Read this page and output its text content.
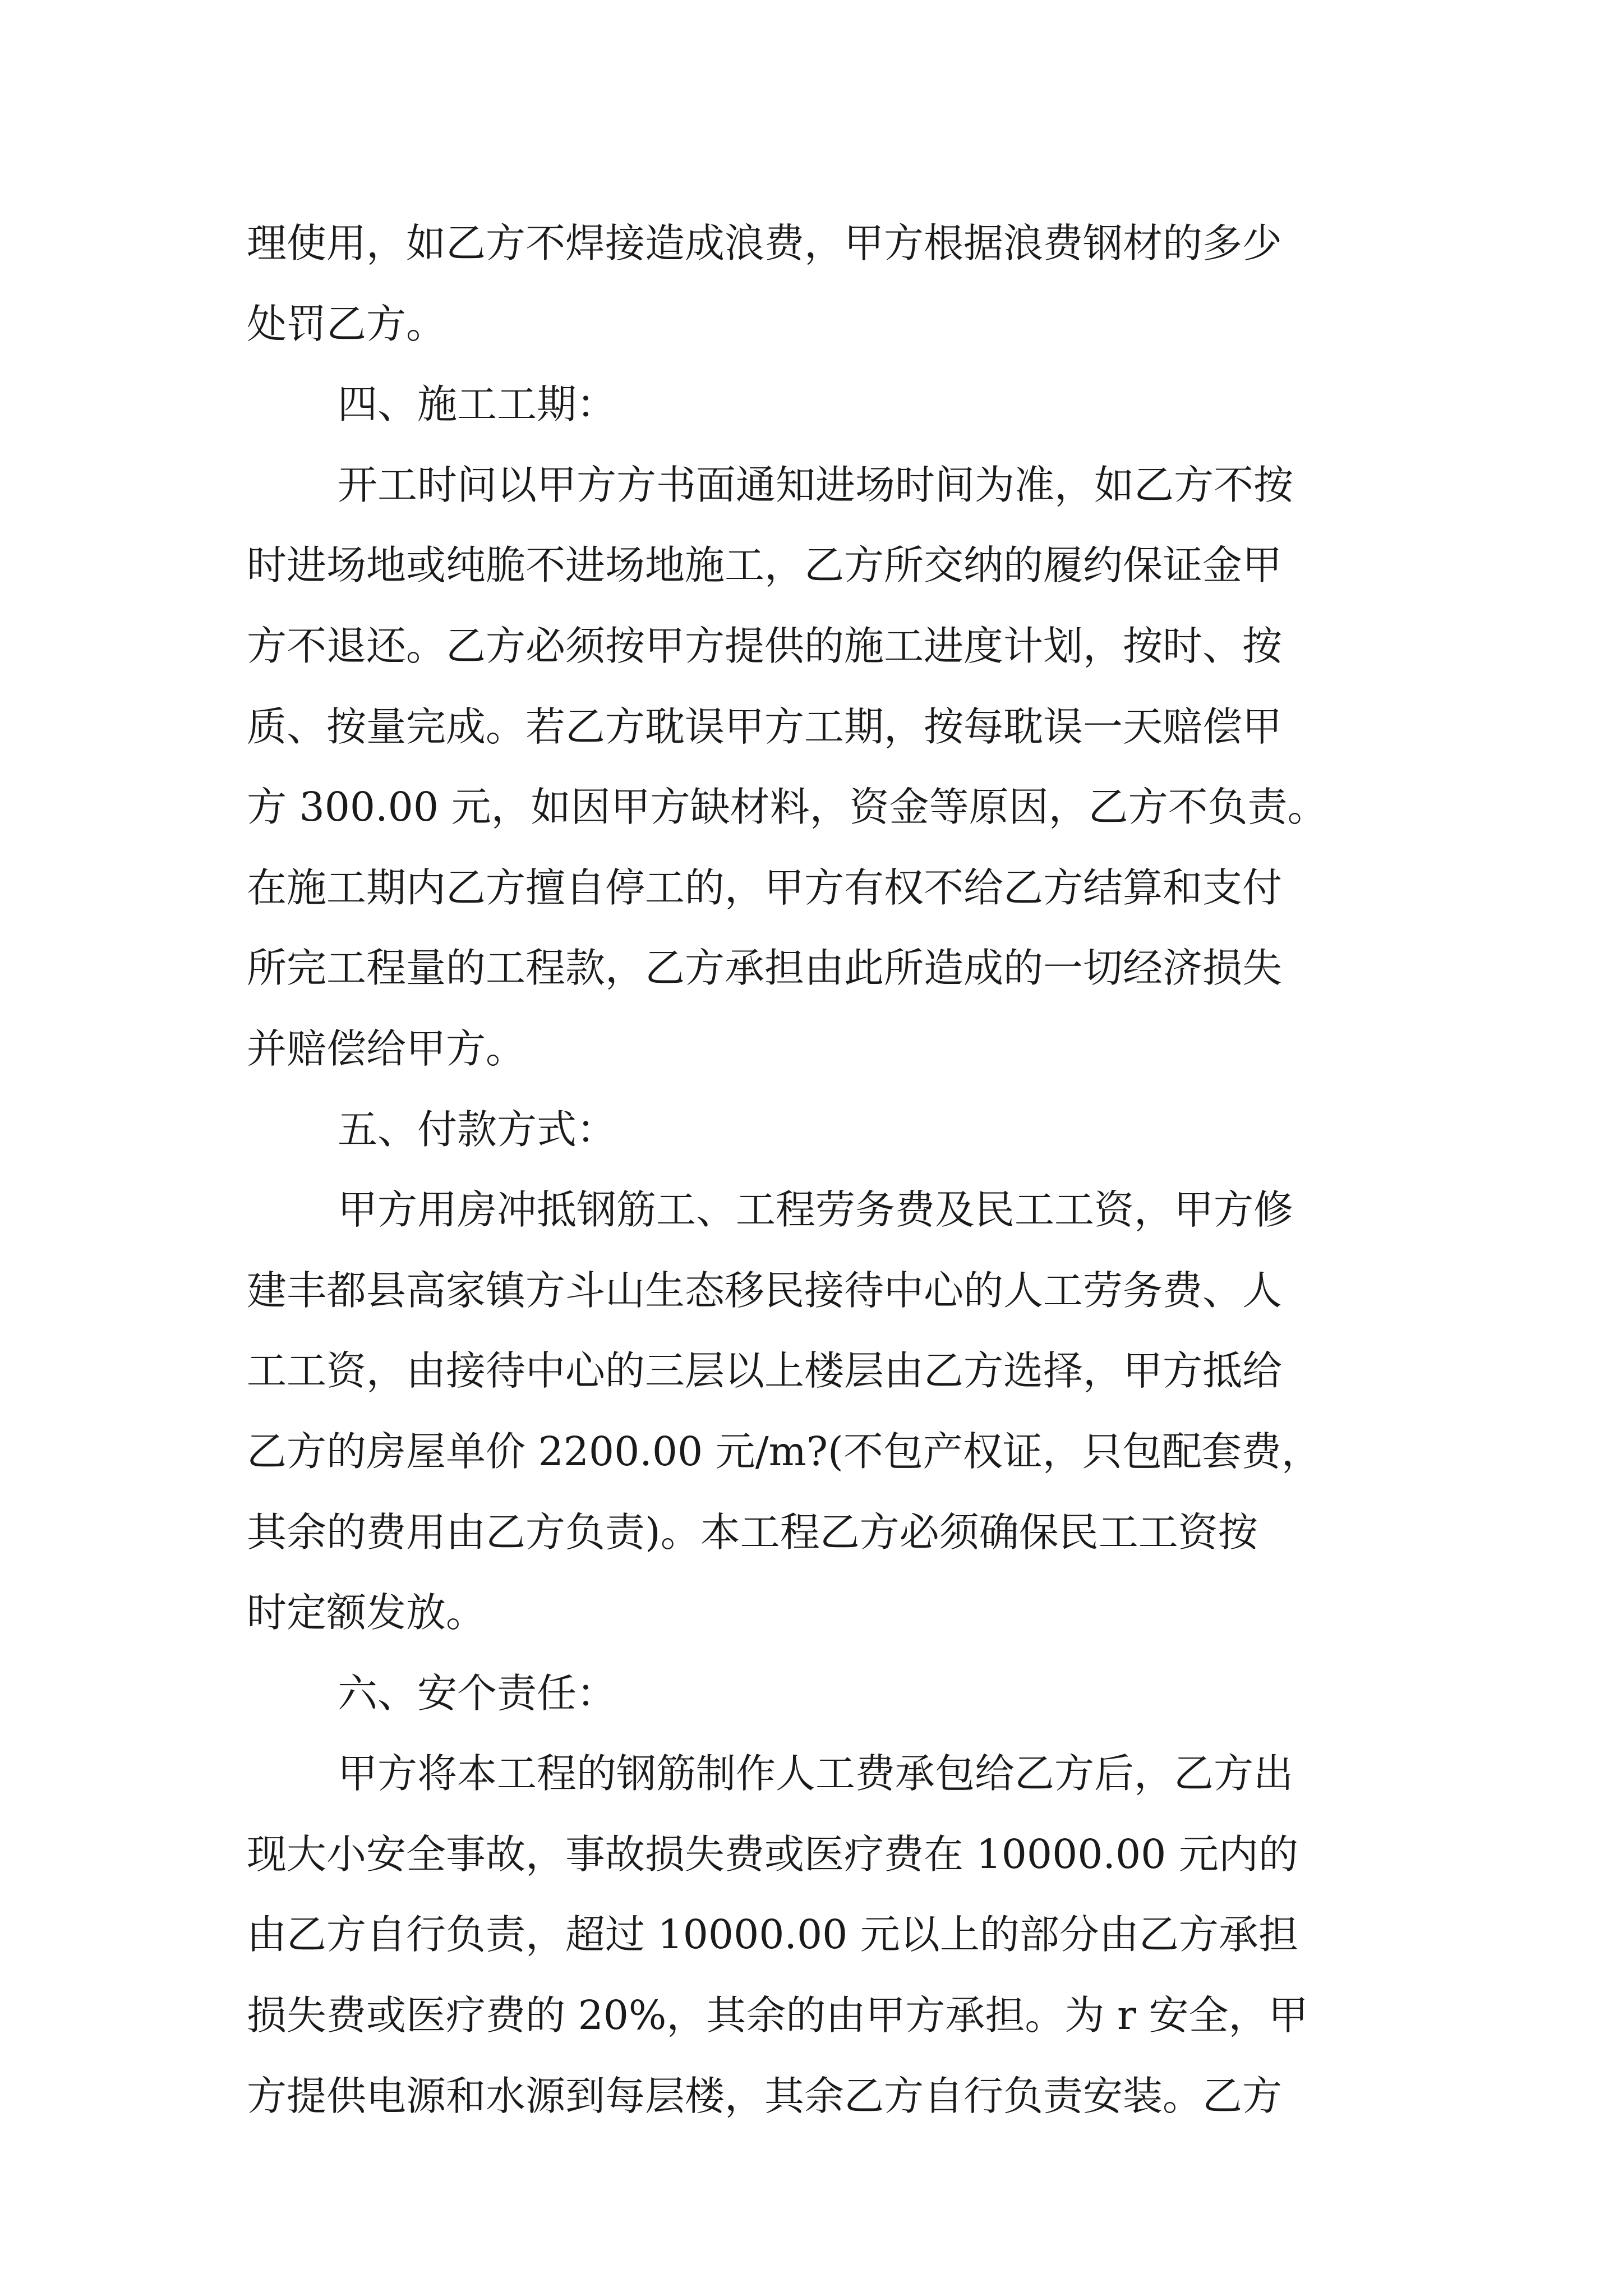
理使用，如乙方不焊接造成浪费，甲方根据浪费钢材的多少
处罚乙方。
四、施工工期：
开工时问以甲方方书面通知进场时间为准，如乙方不按
时进场地或纯脆不进场地施工，乙方所交纳的履约保证金甲
方不退还。乙方必须按甲方提供的施工进度计划，按时、按
质、按量完成。若乙方耽误甲方工期，按每耽误一天赔偿甲
方 300.00 元，如因甲方缺材料，资金等原因，乙方不负责。
在施工期内乙方擅自停工的，甲方有权不给乙方结算和支付
所完工程量的工程款，乙方承担由此所造成的一切经济损失
并赔偿给甲方。
五、付款方式：
甲方用房冲抵钢筋工、工程劳务费及民工工资，甲方修
建丰都县高家镇方斗山生态移民接待中心的人工劳务费、人
工工资，由接待中心的三层以上楼层由乙方选择，甲方抵给
乙方的房屋单价 2200.00 元/m?(不包产权证，只包配套费，
其余的费用由乙方负责)。本工程乙方必须确保民工工资按
时定额发放。
六、安个责任：
甲方将本工程的钢筋制作人工费承包给乙方后，乙方出
现大小安全事故，事故损失费或医疗费在 10000.00 元内的
由乙方自行负责，超过 10000.00 元以上的部分由乙方承担
损失费或医疗费的 20%，其余的由甲方承担。为 r 安全，甲
方提供电源和水源到每层楼，其余乙方自行负责安装。乙方
